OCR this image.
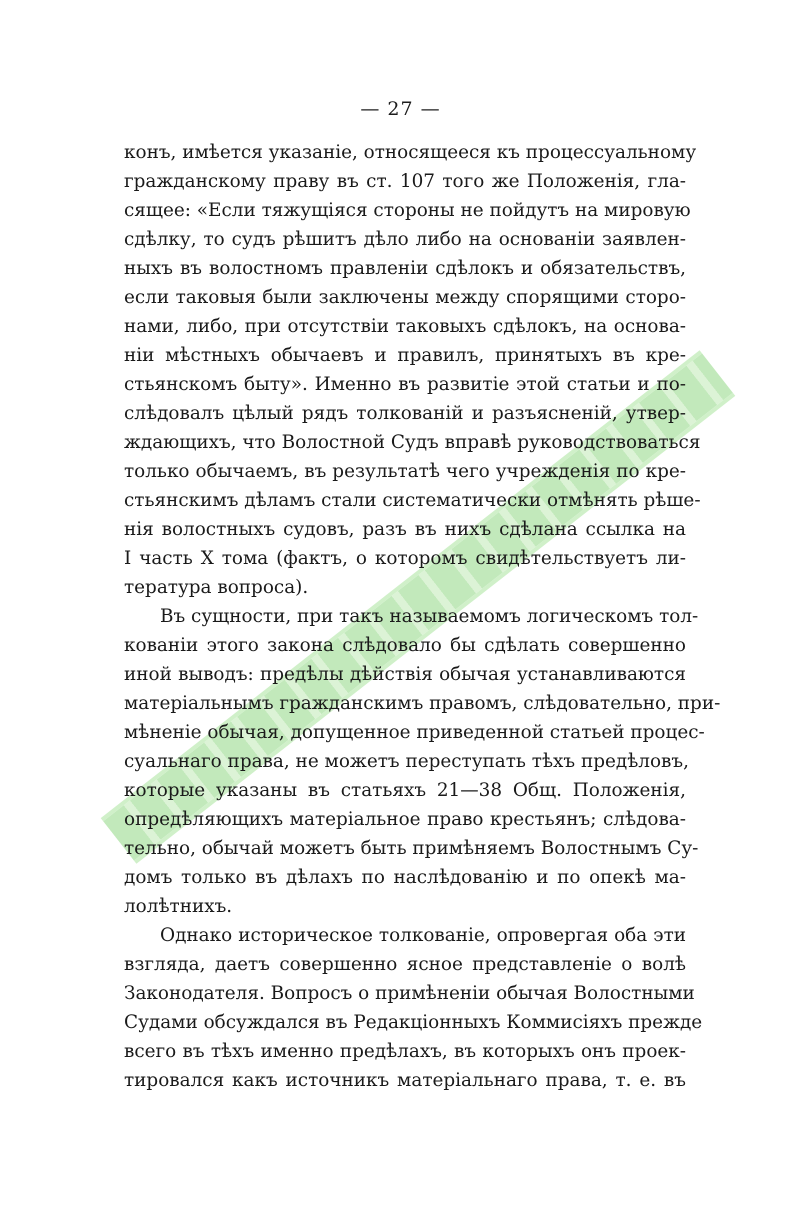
— 27 —
конъ, имѣется указаніе, относящееся къ процессуальному
гражданскому праву въ ст. 107 того же Положенія, гла-
сящее: «Если тяжущіяся стороны не пойдутъ на мировую
сдѣлку, то судъ рѣшитъ дѣло либо на основаніи заявлен-
ныхъ въ волостномъ правленіи сдѣлокъ и обязательствъ,
если таковыя были заключены между спорящими сторо-
нами, либо, при отсутствіи таковыхъ сдѣлокъ, на основа-
ніи мѣстныхъ обычаевъ и правилъ, принятыхъ въ кре-
стьянскомъ быту». Именно въ развитіе этой статьи и по-
слѣдовалъ цѣлый рядъ толкованій и разъясненій, утвер-
ждающихъ, что Волостной Судъ вправѣ руководствоваться
только обычаемъ, въ результатѣ чего учрежденія по кре-
стьянскимъ дѣламъ стали систематически отмѣнять рѣше-
нія волостныхъ судовъ, разъ въ нихъ сдѣлана ссылка на
I часть X тома (фактъ, о которомъ свидѣтельствуетъ ли-
тература вопроса).
Въ сущности, при такъ называемомъ логическомъ тол-
кованіи этого закона слѣдовало бы сдѣлать совершенно
иной выводъ: предѣлы дѣйствія обычая устанавливаются
матеріальнымъ гражданскимъ правомъ, слѣдовательно, при-
мѣненіе обычая, допущенное приведенной статьей процес-
суальнаго права, не можетъ переступать тѣхъ предѣловъ,
которые указаны въ статьяхъ 21—38 Общ. Положенія,
опредѣляющихъ матеріальное право крестьянъ; слѣдова-
тельно, обычай можетъ быть примѣняемъ Волостнымъ Су-
домъ только въ дѣлахъ по наслѣдованію и по опекѣ ма-
лолѣтнихъ.
Однако историческое толкованіе, опровергая оба эти
взгляда, даетъ совершенно ясное представленіе о волѣ
Законодателя. Вопросъ о примѣненіи обычая Волостными
Судами обсуждался въ Редакціонныхъ Коммисіяхъ прежде
всего въ тѣхъ именно предѣлахъ, въ которыхъ онъ проек-
тировался какъ источникъ матеріальнаго права, т. е. въ
